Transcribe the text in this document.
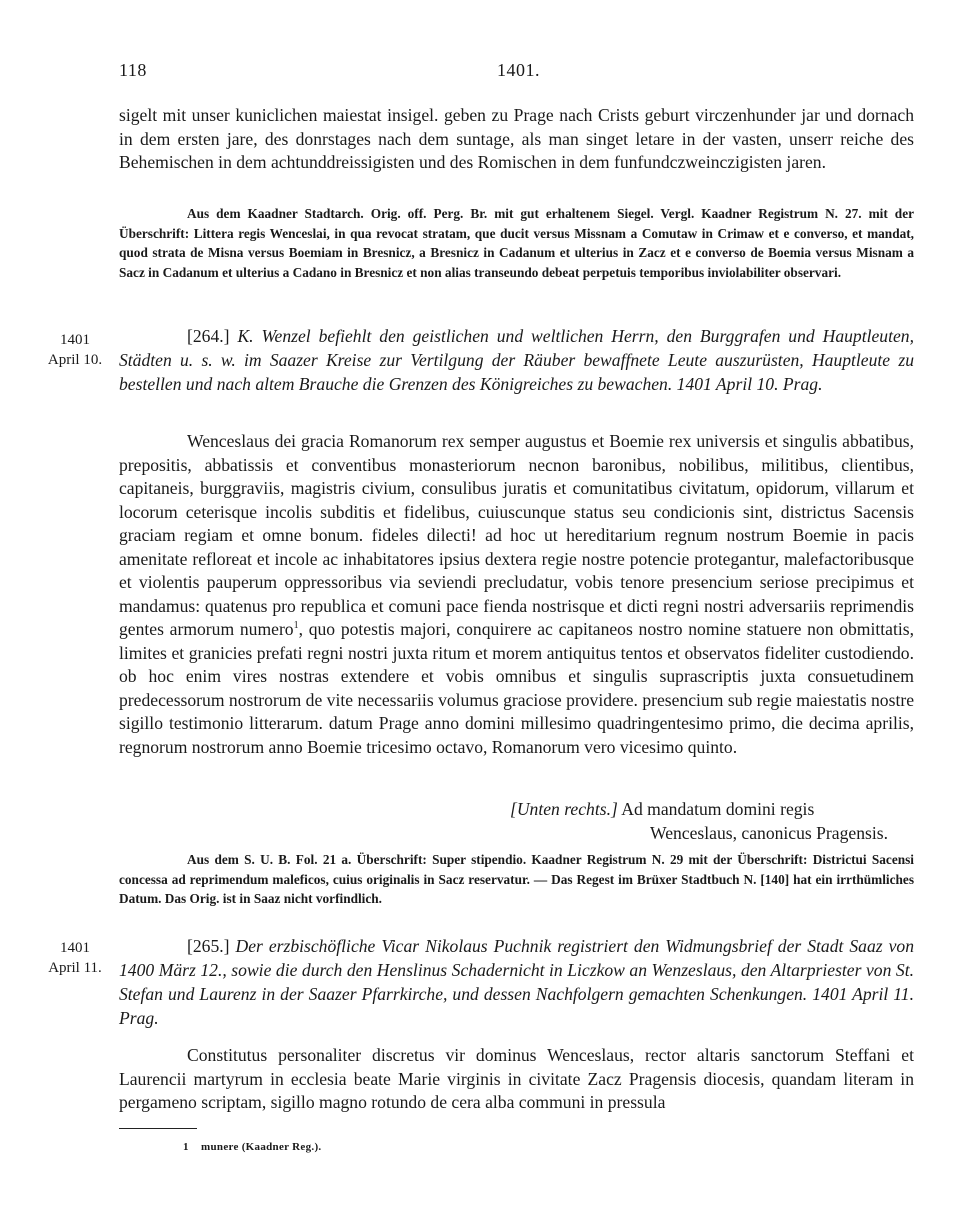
118	1401.
sigelt mit unser kuniclichen maiestat insigel. geben zu Prage nach Crists geburt virczenhunder jar und dornach in dem ersten jare, des donrstages nach dem suntage, als man singet letare in der vasten, unserr reiche des Behemischen in dem achtunddreissigisten und des Romischen in dem funfundczweinczigisten jaren.
Aus dem Kaadner Stadtarch. Orig. off. Perg. Br. mit gut erhaltenem Siegel. Vergl. Kaadner Registrum N. 27. mit der Überschrift: Littera regis Wenceslai, in qua revocat stratam, que ducit versus Missnam a Comutaw in Crimaw et e converso, et mandat, quod strata de Misna versus Boemiam in Bresnicz, a Bresnicz in Cadanum et ulterius in Zacz et e converso de Boemia versus Misnam a Sacz in Cadanum et ulterius a Cadano in Bresnicz et non alias transeundo debeat perpetuis temporibus inviolabiliter observari.
1401
April 10.
[264.] K. Wenzel befiehlt den geistlichen und weltlichen Herrn, den Burggrafen und Hauptleuten, Städten u. s. w. im Saazer Kreise zur Vertilgung der Räuber bewaffnete Leute auszurüsten, Hauptleute zu bestellen und nach altem Brauche die Grenzen des Königreiches zu bewachen. 1401 April 10. Prag.
Wenceslaus dei gracia Romanorum rex semper augustus et Boemie rex universis et singulis abbatibus, prepositis, abbatissis et conventibus monasteriorum necnon baronibus, nobilibus, militibus, clientibus, capitaneis, burggraviis, magistris civium, consulibus juratis et comunitatibus civitatum, opidorum, villarum et locorum ceterisque incolis subditis et fidelibus, cuiuscunque status seu condicionis sint, districtus Sacensis graciam regiam et omne bonum. fideles dilecti! ad hoc ut hereditarium regnum nostrum Boemie in pacis amenitate refloreat et incole ac inhabitatores ipsius dextera regie nostre potencie protegantur, malefactoribusque et violentis pauperum oppressoribus via seviendi precludatur, vobis tenore presencium seriose precipimus et mandamus: quatenus pro republica et comuni pace fienda nostrisque et dicti regni nostri adversariis reprimendis gentes armorum numero$^1$, quo potestis majori, conquirere ac capitaneos nostro nomine statuere non obmittatis, limites et granicies prefati regni nostri juxta ritum et morem antiquitus tentos et observatos fideliter custodiendo. ob hoc enim vires nostras extendere et vobis omnibus et singulis suprascriptis juxta consuetudinem predecessorum nostrorum de vite necessariis volumus graciose providere. presencium sub regie maiestatis nostre sigillo testimonio litterarum. datum Prage anno domini millesimo quadringentesimo primo, die decima aprilis, regnorum nostrorum anno Boemie tricesimo octavo, Romanorum vero vicesimo quinto.
[Unten rechts.] Ad mandatum domini regis
Wenceslaus, canonicus Pragensis.
Aus dem S. U. B. Fol. 21 a. Überschrift: Super stipendio. Kaadner Registrum N. 29 mit der Überschrift: Districtui Sacensi concessa ad reprimendum maleficos, cuius originalis in Sacz reservatur. — Das Regest im Brüxer Stadtbuch N. [140] hat ein irrthümliches Datum. Das Orig. ist in Saaz nicht vorfindlich.
1401
April 11.
[265.] Der erzbischöfliche Vicar Nikolaus Puchnik registriert den Widmungsbrief der Stadt Saaz von 1400 März 12., sowie die durch den Henslinus Schadernicht in Liczkow an Wenzeslaus, den Altarpriester von St. Stefan und Laurenz in der Saazer Pfarrkirche, und dessen Nachfolgern gemachten Schenkungen. 1401 April 11. Prag.
Constitutus personaliter discretus vir dominus Wenceslaus, rector altaris sanctorum Steffani et Laurencii martyrum in ecclesia beate Marie virginis in civitate Zacz Pragensis diocesis, quandam literam in pergameno scriptam, sigillo magno rotundo de cera alba communi in pressula
1 munere (Kaadner Reg.).
